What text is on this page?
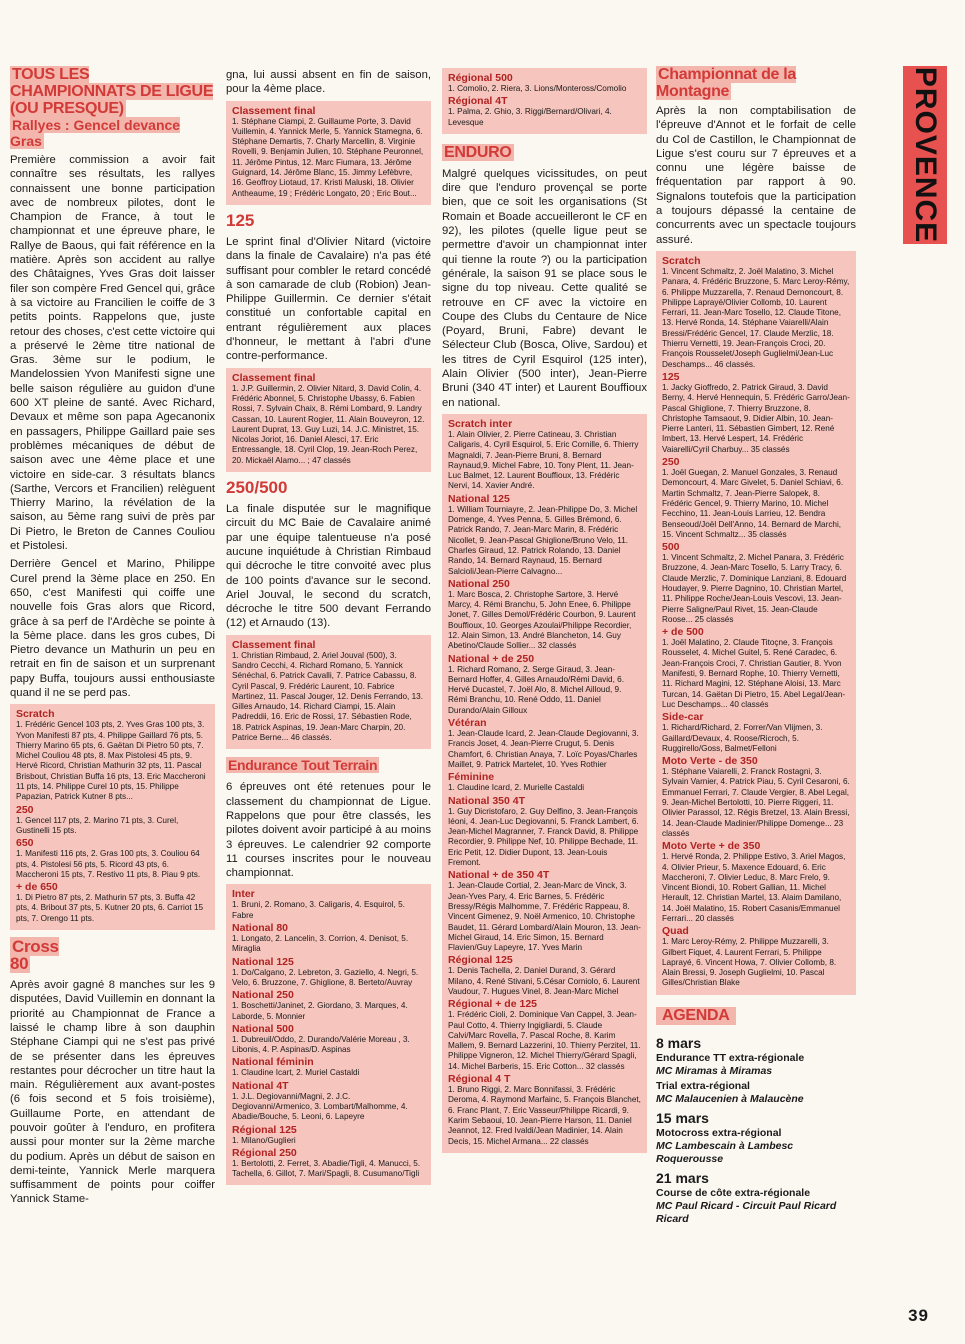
TOUS LES CHAMPIONNATS DE LIGUE (OU PRESQUE)
Rallyes : Gencel devance Gras

Première commission a avoir fait connaître ses résultats, les rallyes connaissent une bonne participation avec de nombreux pilotes, dont le Champion de France, à tout le championnat et une épreuve phare, le Rallye de Baous, qui fait référence en la matière. Après son accident au rallye des Châtaignes, Yves Gras doit laisser filer son compère Fred Gencel qui, grâce à sa victoire au Francilien le coiffe de 3 petits points. Rappelons que, juste retour des choses, c'est cette victoire qui a préservé le 2ème titre national de Gras. 3ème sur le podium, le Mandelossien Yvon Manifesti signe une belle saison régulière au guidon d'une 600 XT pleine de santé. Avec Richard, Devaux et même son papa Agecanonix en passagers, Philippe Gaillard paie ses problèmes mécaniques de début de saison avec une 4ème place et une victoire en side-car. 3 résultats blancs (Sarthe, Vercors et Francilien) relèguent Thierry Marino, la révélation de la saison, au 5ème rang suivi de près par Di Pietro, le Breton de Cannes Couliou et Pistolesi.

Derrière Gencel et Marino, Philippe Curel prend la 3ème place en 250. En 650, c'est Manifesti qui coiffe une nouvelle fois Gras alors que Ricord, grâce à sa perf de l'Ardèche se pointe à la 5ème place. dans les gros cubes, Di Pietro devance un Mathurin un peu en retrait en fin de saison et un surprenant papy Buffa, toujours aussi enthousiaste quand il ne se perd pas.

Scratch
1. Frédéric Gencel 103 pts, 2. Yves Gras 100 pts, 3. Yvon Manifesti 87 pts, 4. Philippe Gaillard 76 pts, 5. Thierry Marino 65 pts, 6. Gaëtan Di Pietro 50 pts, 7. Michel Couliou 48 pts, 8. Max Pistolesi 45 pts, 9. Hervé Ricord, Christian Mathurin 32 pts, 11. Pascal Brisbout, Christian Buffa 16 pts, 13. Eric Maccheroni 11 pts, 14. Philippe Curel 10 pts, 15. Philippe Papazian, Patrick Kutner 8 pts...
250
1. Gencel 117 pts, 2. Marino 71 pts, 3. Curel, Gustinelli 15 pts.
650
1. Manifesti 116 pts, 2. Gras 100 pts, 3. Couliou 64 pts, 4. Pistolesi 56 pts, 5. Ricord 43 pts, 6. Maccheroni 15 pts, 7. Restivo 11 pts, 8. Piau 9 pts.
+ de 650
1. Di Pietro 87 pts, 2. Mathurin 57 pts, 3. Buffa 42 pts, 4. Bribout 37 pts, 5. Kutner 20 pts, 6. Carriot 15 pts, 7. Orengo 11 pts.
Cross 80

Après avoir gagné 8 manches sur les 9 disputées, David Vuillemin en donnant la priorité au Championnat de France a laissé le champ libre à son dauphin Stéphane Ciampi qui ne s'est pas privé de se présenter dans les épreuves restantes pour décrocher un titre haut la main. Régulièrement aux avant-postes (6 fois second et 5 fois troisième), Guillaume Porte, en attendant de pouvoir goûter à l'enduro, en profitera aussi pour monter sur la 2ème marche du podium. Après un début de saison en demi-teinte, Yannick Merle marquera suffisamment de points pour coiffer Yannick Stame-

gna, lui aussi absent en fin de saison, pour la 4ème place.

Classement final
1. Stéphane Ciampi, 2. Guillaume Porte, 3. David Vuillemin, 4. Yannick Merle, 5. Yannick Stamegna, 6. Stéphane Demartis, 7. Charly Marcellin, 8. Virginie Rovelli, 9. Benjamin Julien, 10. Stéphane Peuronnel, 11. Jérôme Pintus, 12. Marc Fiumara, 13. Jérôme Guignard, 14. Jérôme Blanc, 15. Jimmy Lefèbvre, 16. Geoffroy Liotaud, 17. Kristi Maluski, 18. Olivier Antheaume, 19 ; Frédéric Longato, 20 ; Eric Bout...
125

Le sprint final d'Olivier Nitard (victoire dans la finale de Cavalaire) n'a pas été suffisant pour combler le retard concédé à son camarade de club (Robion) Jean-Philippe Guillermin. Ce dernier s'était constitué un confortable capital en entrant régulièrement aux places d'honneur, le mettant à l'abri d'une contre-performance.

Classement final
1. J.P. Guillermin, 2. Olivier Nitard, 3. David Colin, 4. Frédéric Abonnel, 5. Christophe Ubassy, 6. Fabien Rossi, 7. Sylvain Chaix, 8. Rémi Lombard, 9. Landry Cassan, 10. Laurent Rogier, 11. Alain Bouveyron, 12. Laurent Duprat, 13. Guy Luzi, 14. J.C. Ministret, 15. Nicolas Joriot, 16. Daniel Alesci, 17. Eric Entressangle, 18. Cyril Clop, 19. Jean-Roch Perez, 20. Mickaël Alamo... ; 47 classés
250/500

La finale disputée sur le magnifique circuit du MC Baie de Cavalaire animé par une équipe talentueuse n'a posé aucune inquiétude à Christian Rimbaud qui décroche le titre convoité avec plus de 100 points d'avance sur le second. Ariel Jouval, le second du scratch, décroche le titre 500 devant Ferrando (12) et Arnaudo (13).

Classement final
1. Christian Rimbaud, 2. Ariel Jouval (500), 3. Sandro Cecchi, 4. Richard Romano, 5. Yannick Sénéchal, 6. Patrick Cavalli, 7. Patrice Cabassu, 8. Cyril Pascal, 9. Frédéric Laurent, 10. Fabrice Martinez, 11. Pascal Jouger, 12. Denis Ferrando, 13. Gilles Arnaudo, 14. Richard Ciampi, 15. Alain Padreddii, 16. Eric de Rossi, 17. Sébastien Rode, 18. Patrick Aspinas, 19. Jean-Marc Charpin, 20. Patrice Berne... 46 classés.
Endurance Tout Terrain

6 épreuves ont été retenues pour le classement du championnat de Ligue. Rappelons que pour être classés, les pilotes doivent avoir participé à au moins 3 épreuves. Le calendrier 92 comporte 11 courses inscrites pour le nouveau championnat.

Inter
1. Bruni, 2. Romano, 3. Caligaris, 4. Esquirol, 5. Fabre
National 80
1. Longato, 2. Lancelin, 3. Corrion, 4. Denisot, 5. Miraglia
National 125
1. Do/Calgano, 2. Lebreton, 3. Gaziello, 4. Negri, 5. Velo, 6. Bruzzone, 7. Ghiglione, 8. Berteto/Auvray
National 250
1. Boschetti/Janinet, 2. Giordano, 3. Marques, 4. Laborde, 5. Monnier
National 500
1. Dubreuil/Oddo, 2. Durando/Valérie Moreau , 3. Libonis, 4. P. Aspinas/D. Aspinas
National féminin
1. Claudine Icart, 2. Muriel Castaldi
National 4T
1. J.L. Degiovanni/Magni, 2. J.C. Degiovanni/Armenico, 3. Lombart/Malhomme, 4. Abadie/Bouche, 5. Leoni, 6. Lapeyre
Régional 125
1. Milano/Guglieri
Régional 250
1. Bertolotti, 2. Ferret, 3. Abadie/Tigli, 4. Manucci, 5. Tachella, 6. Gillot, 7. Mari/Spagli, 8. Cusumano/Tigli
Régional 500
1. Comolio, 2. Riera, 3. Lions/Monteross/Comolio
Régional 4T
1. Palma, 2. Ghio, 3. Riggi/Bernard/Olivari, 4. Levesque
ENDURO

Malgré quelques vicissitudes, on peut dire que l'enduro provençal se porte bien, que ce soit les organisations (St Romain et Boade accueilleront le CF en 92), les pilotes (quelle ligue peut se permettre d'avoir un championnat inter qui tienne la route ?) ou la participation générale, la saison 91 se place sous le signe du top niveau. Cette qualité se retrouve en CF avec la victoire en Coupe des Clubs du Centaure de Nice (Poyard, Bruni, Fabre) devant le Sélecteur Club (Bosca, Olive, Sardou) et les titres de Cyril Esquirol (125 inter), Alain Olivier (500 inter), Jean-Pierre Bruni (340 4T inter) et Laurent Bouffioux en national.

Scratch inter
1. Alain Olivier, 2. Pierre Catineau, 3. Christian Caligaris, 4. Cyril Esquirol, 5. Eric Cornille, 6. Thierry Magnaldi, 7. Jean-Pierre Bruni, 8. Bernard Raynaud,9. Michel Fabre, 10. Tony Plent, 11. Jean-Luc Balmet, 12. Laurent Bouffioux, 13. Frédéric Nervi, 14. Xavier André.
National 125
1. William Tourniayre, 2. Jean-Philippe Do, 3. Michel Domenge, 4. Yves Penna, 5. Gilles Brémond, 6. Patrick Rando, 7. Jean-Marc Marin, 8. Frédéric Nicollet, 9. Jean-Pascal Ghiglione/Bruno Velo, 11. Charles Giraud, 12. Patrick Rolando, 13. Daniel Rando, 14. Bernard Raynaud, 15. Bernard Salcioli/Jean-Pierre Calvagno...
National 250
1. Marc Bosca, 2. Christophe Sartore, 3. Hervé Marcy, 4. Rémi Branchu, 5. John Enee, 6. Philippe Jonet, 7. Gilles Demol/Frédéric Courbon, 9. Laurent Bouffioux, 10. Georges Azoulai/Philippe Recordier, 12. Alain Simon, 13. André Blancheton, 14. Guy Abetino/Claude Sollier... 32 classés
National + de 250
1. Richard Romano, 2. Serge Giraud, 3. Jean-Bernard Hoffer, 4. Gilles Arnaudo/Rémi David, 6. Hervé Ducastel, 7. Joël Alo, 8. Michel Ailloud, 9. Rémi Branchu, 10. René Oddo, 11. Daniel Durando/Alain Gilloux
Vétéran
1. Jean-Claude Icard, 2. Jean-Claude Degiovanni, 3. Francis Joset, 4. Jean-Pierre Crugut, 5. Denis Chamfort, 6. Christian Anaya, 7. Loïc Poyas/Charles Maillet, 9. Patrick Martelet, 10. Yves Rothier
Féminine
1. Claudine Icard, 2. Murielle Castaldi
National 350 4T
1. Guy Dicristofaro, 2. Guy Delfino, 3. Jean-François Iéoni, 4. Jean-Luc Degiovanni, 5. Franck Lambert, 6. Jean-Michel Magranner, 7. Franck David, 8. Philippe Recordier, 9. Philippe Nef, 10. Philippe Bechade, 11. Eric Petit, 12. Didier Dupont, 13. Jean-Louis Fremont.
National + de 350 4T
1. Jean-Claude Cortial, 2. Jean-Marc de Vinck, 3. Jean-Yves Pary, 4. Eric Barnes, 5. Frédéric Bressy/Régis Malhomme, 7. Frédéric Rappeau, 8. Vincent Gimenez, 9. Noël Armenico, 10. Christophe Baudet, 11. Gérard Lombard/Alain Mouron, 13. Jean-Michel Giraud, 14. Eric Simon, 15. Bernard Flavien/Guy Lapeyre, 17. Yves Marin
Régional 125
1. Denis Tachella, 2. Daniel Durand, 3. Gérard Milano, 4. René Stivani, 5.César Corniolo, 6. Laurent Vaudour, 7. Hugues Vinel, 8. Jean-Marc Michel
Régional + de 125
1. Frédéric Cioli, 2. Dominique Van Cappel, 3. Jean-Paul Cotto, 4. Thierry Ingigliardi, 5. Claude Calvi/Marc Rovella, 7. Pascal Roche, 8. Karim Mallem, 9. Bernard Lazzerini, 10. Thierry Perzitel, 11. Philippe Vigneron, 12. Michel Thierry/Gérard Spagli, 14. Michel Barberis, 15. Eric Cotton... 32 classés
Régional 4 T
1. Bruno Riggi, 2. Marc Bonnifassi, 3. Frédéric Deroma, 4. Raymond Marfainc, 5. François Blanchet, 6. Franc Plant, 7. Eric Vasseur/Philippe Ricardi, 9. Karim Sebaoui, 10. Jean-Pierre Harson, 11. Daniel Jeannot, 12. Fred Ivaldi/Jean Madinier, 14. Alain Decis, 15. Michel Armana... 22 classés
Championnat de la Montagne

Après la non comptabilisation de l'épreuve d'Annot et le forfait de celle du Col de Castillon, le Championnat de Ligue s'est couru sur 7 épreuves et a connu une légère baisse de fréquentation par rapport à 90. Signalons toutefois que la participation a toujours dépassé la centaine de concurrents avec un spectacle toujours assuré.

Scratch
1. Vincent Schmaltz, 2. Joël Malatino, 3. Michel Panara, 4. Frédéric Bruzzone, 5. Marc Leroy-Rémy, 6. Philippe Muzzarella, 7. Renaud Dernoncourt, 8. Philippe Laprayé/Olivier Collomb, 10. Laurent Ferrari, 11. Jean-Marc Tosello, 12. Claude Titone, 13. Hervé Ronda, 14. Stéphane Vaiarelli/Alain Bressi/Frédéric Gencel, 17. Claude Merzlic, 18. Thierru Vernetti, 19. Jean-François Croci, 20. François Rousselet/Joseph Guglielmi/Jean-Luc Deschamps... 46 classés.
125
1. Jacky Gioffredo, 2. Patrick Giraud, 3. David Berny, 4. Hervé Hennequin, 5. Frédéric Garro/Jean-Pascal Ghiglione, 7. Thierry Bruzzone, 8. Christophe Tamsaout, 9. Didier Albin, 10. Jean-Pierre Lanteri, 11. Sébastien Gimbert, 12. René Imbert, 13. Hervé Lespert, 14. Frédéric Vaiarelli/Cyril Charbuy... 35 classés
250
1. Joël Guegan, 2. Manuel Gonzales, 3. Renaud Demoncourt, 4. Marc Givelet, 5. Daniel Schiavi, 6. Martin Schmaltz, 7. Jean-Pierre Salopek, 8. Frédéric Gencel, 9. Thierry Marino, 10. Michel Fecchino, 11. Jean-Louis Larrieu, 12. Bendra Benseoud/Joël Dell'Anno, 14. Bernard de Marchi, 15. Vincent Schmaltz... 35 classés
500
1. Vincent Schmaltz, 2. Michel Panara, 3. Frédéric Bruzzone, 4. Jean-Marc Tosello, 5. Larry Tracy, 6. Claude Merzlic, 7. Dominique Lanziani, 8. Edouard Houdayer, 9. Pierre Dagnino, 10. Christian Martel, 11. Philippe Roche/Jean-Louis Vescovi, 13. Jean-Pierre Saligne/Paul Rivet, 15. Jean-Claude Roose... 25 classés
+ de 500
1. Joël Malatino, 2. Claude Titoçne, 3. François Rousselet, 4. Michel Guitel, 5. René Caradec, 6. Jean-François Croci, 7. Christian Gautier, 8. Yvon Manifesti, 9. Bernard Rophe, 10. Thierry Vernetti, 11. Richard Magini, 12. Stéphane Aloisi, 13. Marc Turcan, 14. Gaëtan Di Pietro, 15. Abel Legal/Jean-Luc Deschamps... 40 classés
Side-car
1. Richard/Richard, 2. Forrer/Van Vlijmen, 3. Gaillard/Devaux, 4. Roose/Ricroch, 5. Ruggirello/Goss, Balmet/Felloni
Moto Verte - de 350
1. Stéphane Vaiarelli, 2. Franck Rostagni, 3. Sylvain Varnier, 4. Patrick Piau, 5. Cyril Cesaroni, 6. Emmanuel Ferrari, 7. Claude Vergier, 8. Abel Legal, 9. Jean-Michel Bertolotti, 10. Pierre Riggeri, 11. Olivier Parassol, 12. Régis Bretzel, 13. Alain Bressi, 14. Jean-Claude Madinier/Philippe Domenge... 23 classés
Moto Verte + de 350
1. Hervé Ronda, 2. Philippe Estivo, 3. Ariel Magos, 4. Olivier Prieur, 5. Maxence Edouard, 6. Eric Maccheroni, 7. Olivier Leduc, 8. Marc Frelo, 9. Vincent Biondi, 10. Robert Gallian, 11. Michel Herault, 12. Christian Martel, 13. Alaim Damilano, 14. Joël Malatino, 15. Robert Casanis/Emmanuel Ferrari... 20 classés
Quad
1. Marc Leroy-Rémy, 2. Philippe Muzzarelli, 3. Gilbert Fiquet, 4. Laurent Ferrari, 5. Philippe Laprayé, 6. Vincent Howa, 7. Olivier Collomb, 8. Alain Bressi, 9. Joseph Guglielmi, 10. Pascal Gilles/Christian Blake
AGENDA
8 mars
Endurance TT extra-régionale
MC Miramas à Miramas
Trial extra-régional
MC Malaucenien à Malaucène
15 mars
Motocross extra-régional
MC Lambescain à Lambesc Roquerousse
21 mars
Course de côte extra-régionale
MC Paul Ricard - Circuit Paul Ricard Ricard
PROVENCE
39
